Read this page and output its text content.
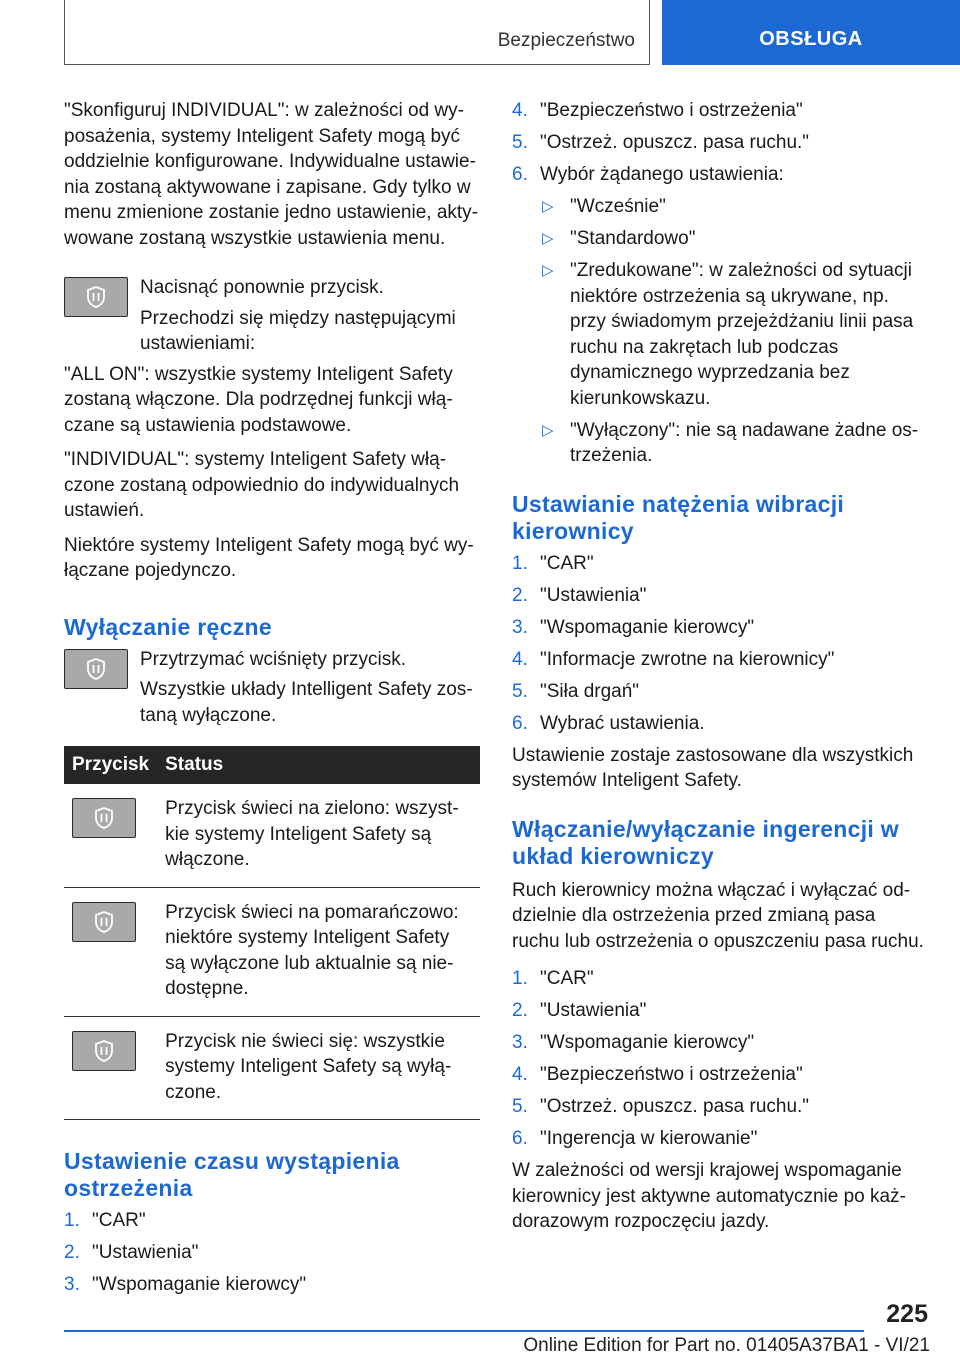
Bezpieczeństwo	OBSŁUGA

"Skonfiguruj INDIVIDUAL": w zależności od wyposażenia, systemy Inteligent Safety mogą być oddzielnie konfigurowane. Indywidualne ustawienia zostaną aktywowane i zapisane. Gdy tylko w menu zmienione zostanie jedno ustawienie, aktywowane zostaną wszystkie ustawienia menu.

Nacisnąć ponownie przycisk.

Przechodzi się między następującymi ustawieniami:

"ALL ON": wszystkie systemy Inteligent Safety zostaną włączone. Dla podrzędnej funkcji włączane są ustawienia podstawowe.

"INDIVIDUAL": systemy Inteligent Safety włączone zostaną odpowiednio do indywidualnych ustawień.

Niektóre systemy Inteligent Safety mogą być wyłączane pojedynczo.

Wyłączanie ręczne

Przytrzymać wciśnięty przycisk.

Wszystkie układy Intelligent Safety zostaną wyłączone.

Przycisk	Status

	Przycisk świeci na zielono: wszystkie systemy Inteligent Safety są włączone.

	Przycisk świeci na pomarańczowo: niektóre systemy Inteligent Safety są wyłączone lub aktualnie są niedostępne.

	Przycisk nie świeci się: wszystkie systemy Inteligent Safety są wyłączone.
Ustawienie czasu wystąpienia ostrzeżenia
1. "CAR"
2. "Ustawienia"
3. "Wspomaganie kierowcy"
4. "Bezpieczeństwo i ostrzeżenia"
5. "Ostrzeż. opuszcz. pasa ruchu."
6. Wybór żądanego ustawienia:
▷ "Wcześnie"
▷ "Standardowo"
▷ "Zredukowane": w zależności od sytuacji niektóre ostrzeżenia są ukrywane, np. przy świadomym przejeżdżaniu linii pasa ruchu na zakrętach lub podczas dynamicznego wyprzedzania bez kierunkowskazu.
▷ "Wyłączony": nie są nadawane żadne ostrzeżenia.
Ustawianie natężenia wibracji kierownicy
1. "CAR"
2. "Ustawienia"
3. "Wspomaganie kierowcy"
4. "Informacje zwrotne na kierownicy"
5. "Siła drgań"
6. Wybrać ustawienia.

Ustawienie zostaje zastosowane dla wszystkich systemów Inteligent Safety.

Włączanie/wyłączanie ingerencji w układ kierowniczy

Ruch kierownicy można włączać i wyłączać oddzielnie dla ostrzeżenia przed zmianą pasa ruchu lub ostrzeżenia o opuszczeniu pasa ruchu.

1. "CAR"
2. "Ustawienia"
3. "Wspomaganie kierowcy"
4. "Bezpieczeństwo i ostrzeżenia"
5. "Ostrzeż. opuszcz. pasa ruchu."
6. "Ingerencja w kierowanie"

W zależności od wersji krajowej wspomaganie kierownicy jest aktywne automatycznie po każdorazowym rozpoczęciu jazdy.

225
Online Edition for Part no. 01405A37BA1 - VI/21
